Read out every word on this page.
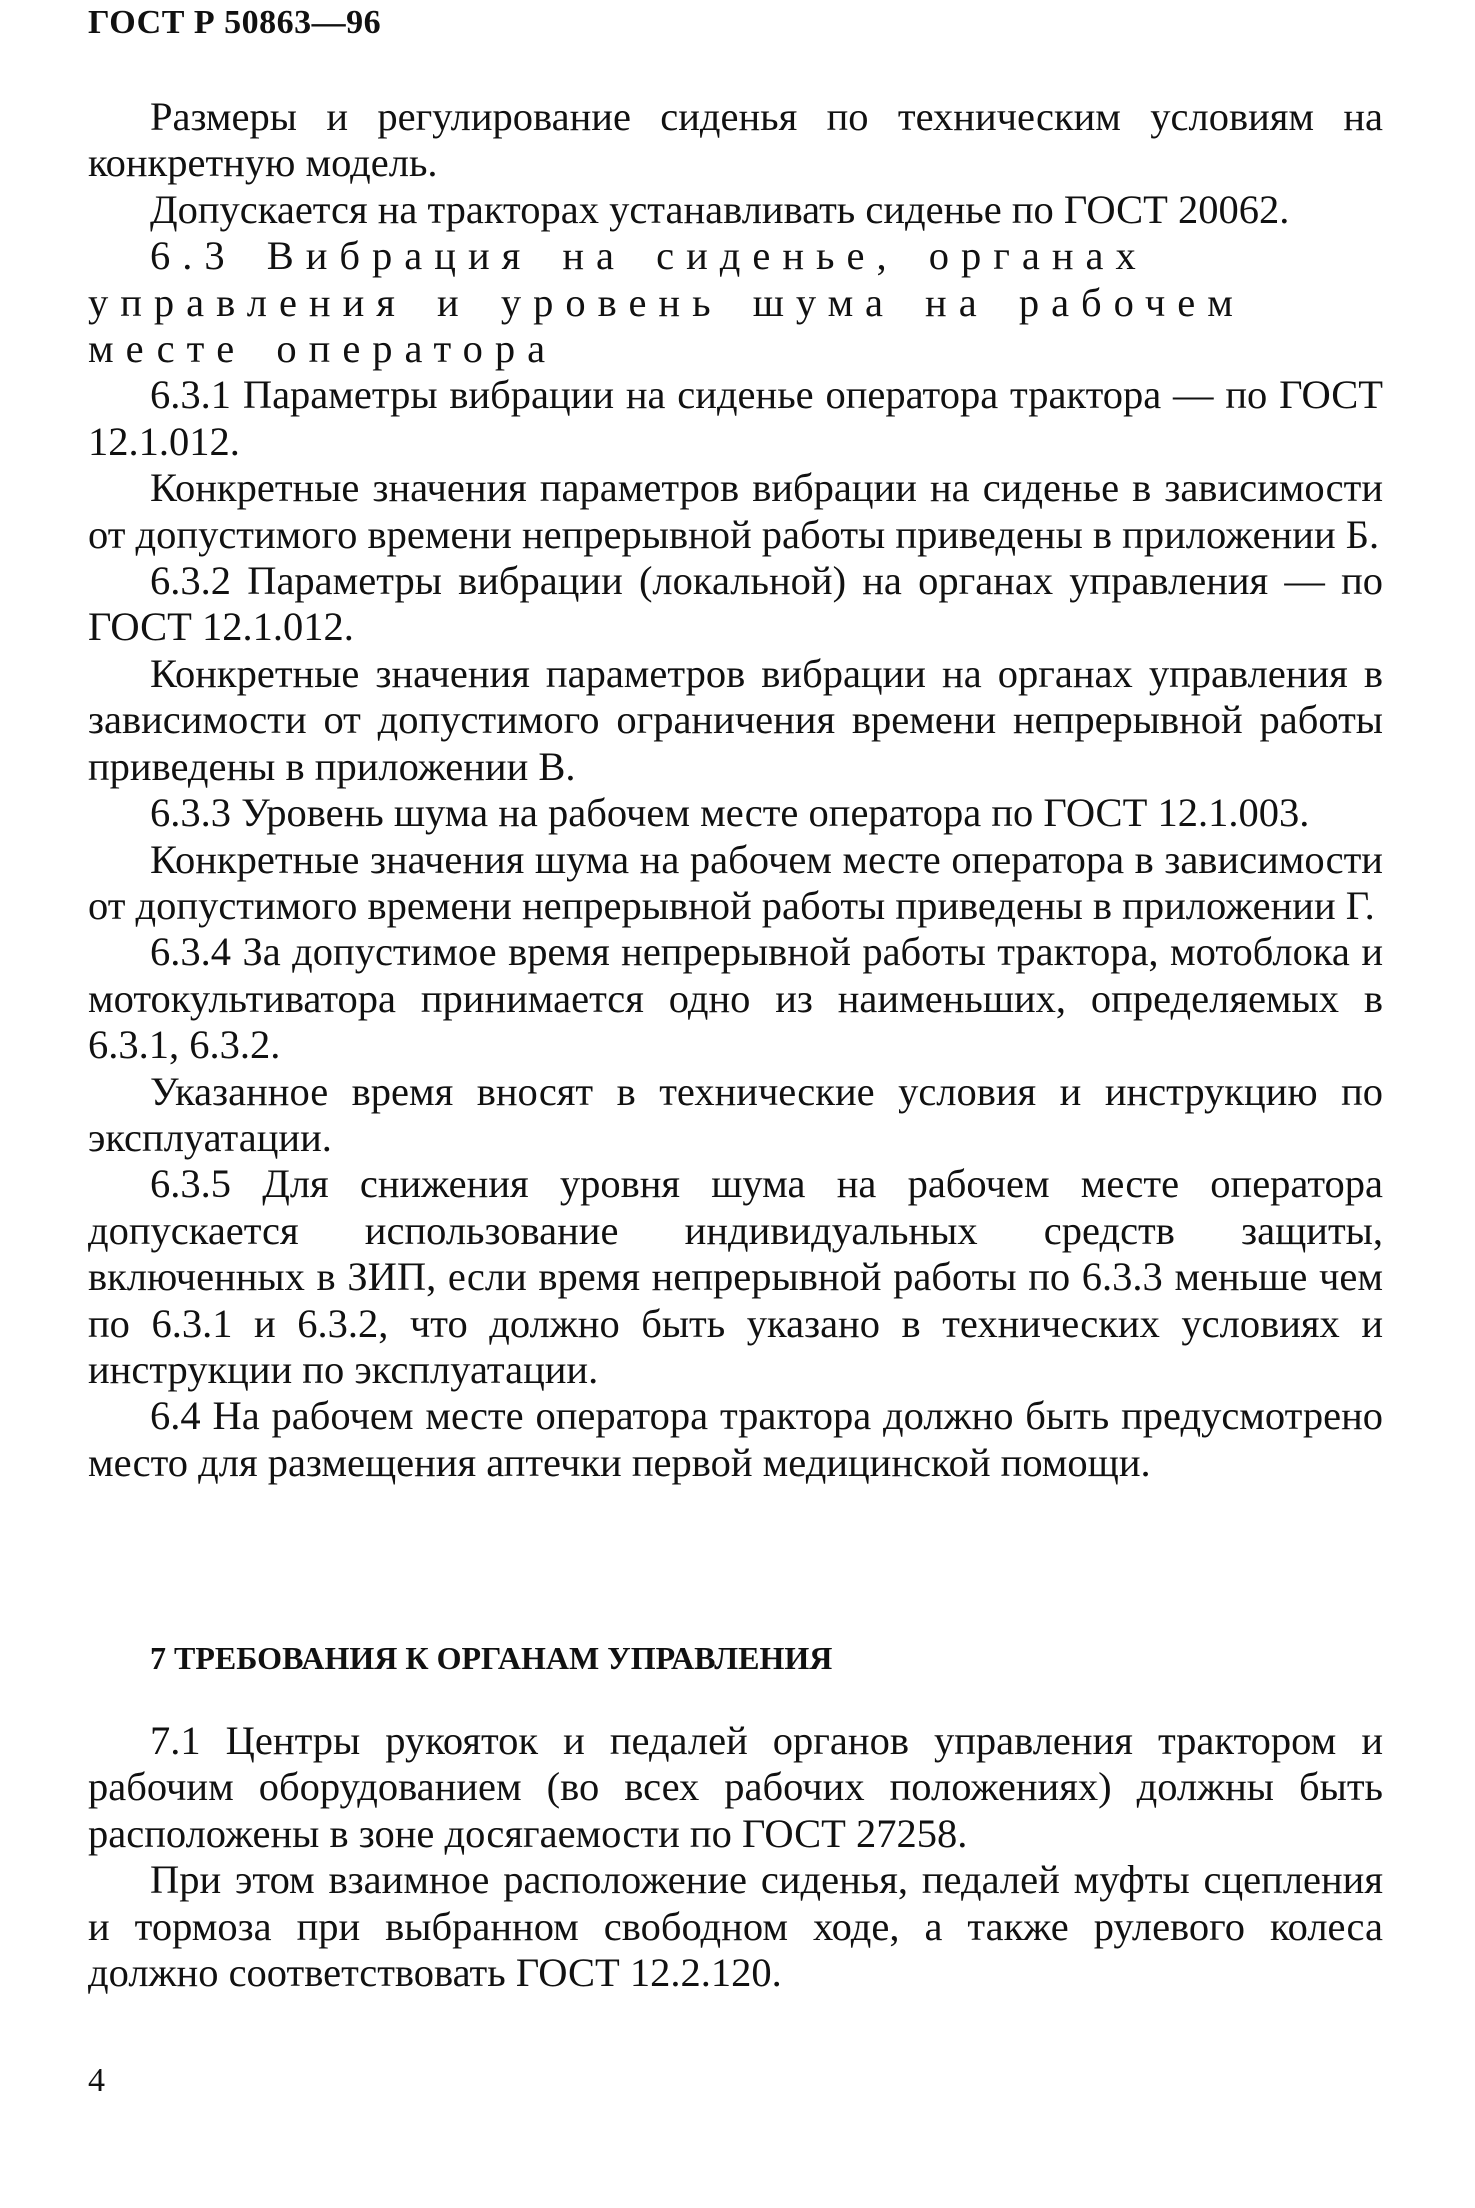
ГОСТ Р 50863—96

Размеры и регулирование сиденья по техническим условиям на конкретную модель.

Допускается на тракторах устанавливать сиденье по ГОСТ 20062.

6.3 Вибрация на сиденье, органах управления и уровень шума на рабочем месте оператора

6.3.1 Параметры вибрации на сиденье оператора трактора — по ГОСТ 12.1.012.

Конкретные значения параметров вибрации на сиденье в зависимости от допустимого времени непрерывной работы приведены в приложении Б.

6.3.2 Параметры вибрации (локальной) на органах управления — по ГОСТ 12.1.012.

Конкретные значения параметров вибрации на органах управления в зависимости от допустимого ограничения времени непрерывной работы приведены в приложении В.

6.3.3 Уровень шума на рабочем месте оператора по ГОСТ 12.1.003.

Конкретные значения шума на рабочем месте оператора в зависимости от допустимого времени непрерывной работы приведены в приложении Г.

6.3.4 За допустимое время непрерывной работы трактора, мотоблока и мотокультиватора принимается одно из наименьших, определяемых в 6.3.1, 6.3.2.

Указанное время вносят в технические условия и инструкцию по эксплуатации.

6.3.5 Для снижения уровня шума на рабочем месте оператора допускается использование индивидуальных средств защиты, включенных в ЗИП, если время непрерывной работы по 6.3.3 меньше чем по 6.3.1 и 6.3.2, что должно быть указано в технических условиях и инструкции по эксплуатации.

6.4 На рабочем месте оператора трактора должно быть предусмотрено место для размещения аптечки первой медицинской помощи.

7 ТРЕБОВАНИЯ К ОРГАНАМ УПРАВЛЕНИЯ

7.1 Центры рукояток и педалей органов управления трактором и рабочим оборудованием (во всех рабочих положениях) должны быть расположены в зоне досягаемости по ГОСТ 27258.

При этом взаимное расположение сиденья, педалей муфты сцепления и тормоза при выбранном свободном ходе, а также рулевого колеса должно соответствовать ГОСТ 12.2.120.

4
